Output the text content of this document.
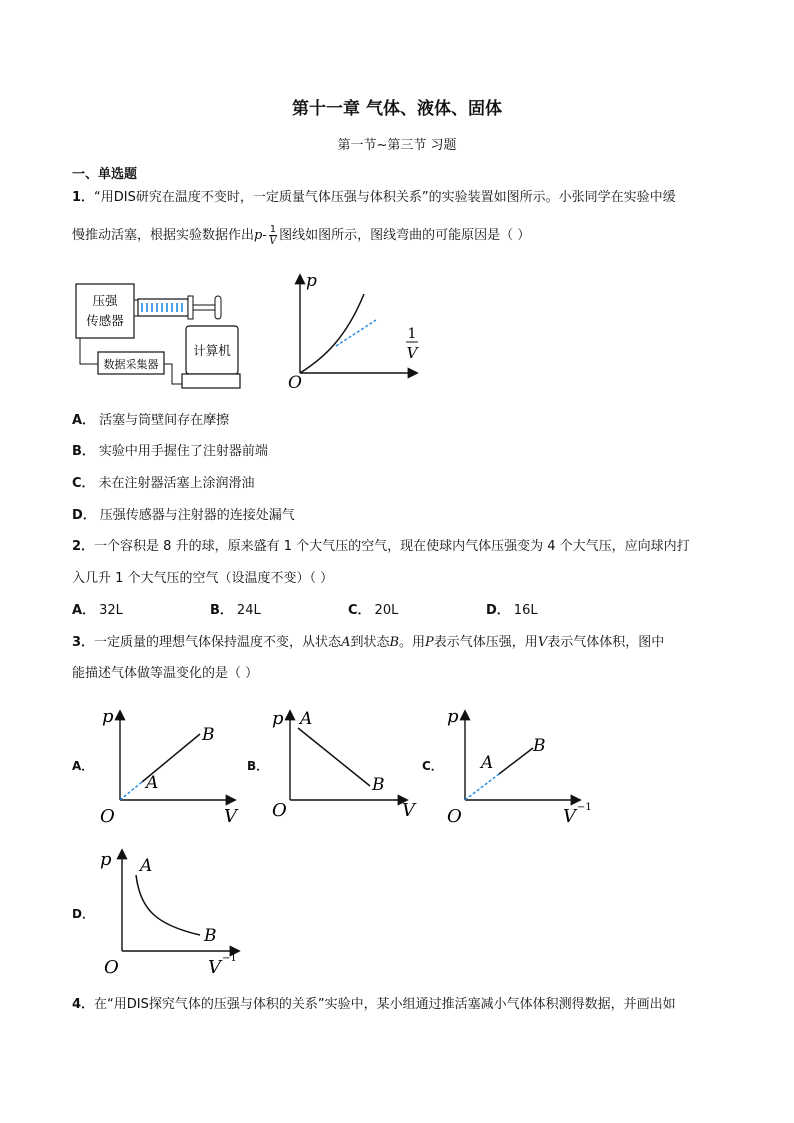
第十一章 气体、液体、固体
第一节~第三节 习题
一、单选题
1．“用DIS研究在温度不变时，一定质量气体压强与体积关系”的实验装置如图所示。小张同学在实验中缓
慢推动活塞，根据实验数据作出$p- \frac{1}{V}$ 图线如图所示，图线弯曲的可能原因是（ ）
压强
传感器
数据采集器
计算机
p
O
1
V
A． 活塞与筒壁间存在摩擦
B． 实验中用手握住了注射器前端
C． 未在注射器活塞上涂润滑油
D． 压强传感器与注射器的连接处漏气
2．一个容积是 8 升的球，原来盛有 1 个大气压的空气，现在使球内气体压强变为 4 个大气压，应向球内打
入几升 1 个大气压的空气（设温度不变）（ ）
A． 32L	B． 24L	C． 20L	D． 16L
3．一定质量的理想气体保持温度不变，从状态A到状态B。用P表示气体压强，用V表示气体体积，图中
能描述气体做等温变化的是（ ）
A．
p
O	V
A
B
B．
p A
O	V
B
C．
p
O
A
B
V −1
D．
p A
B
O	V −1
4．在“用DIS探究气体的压强与体积的关系”实验中，某小组通过推活塞减小气体体积测得数据，并画出如
